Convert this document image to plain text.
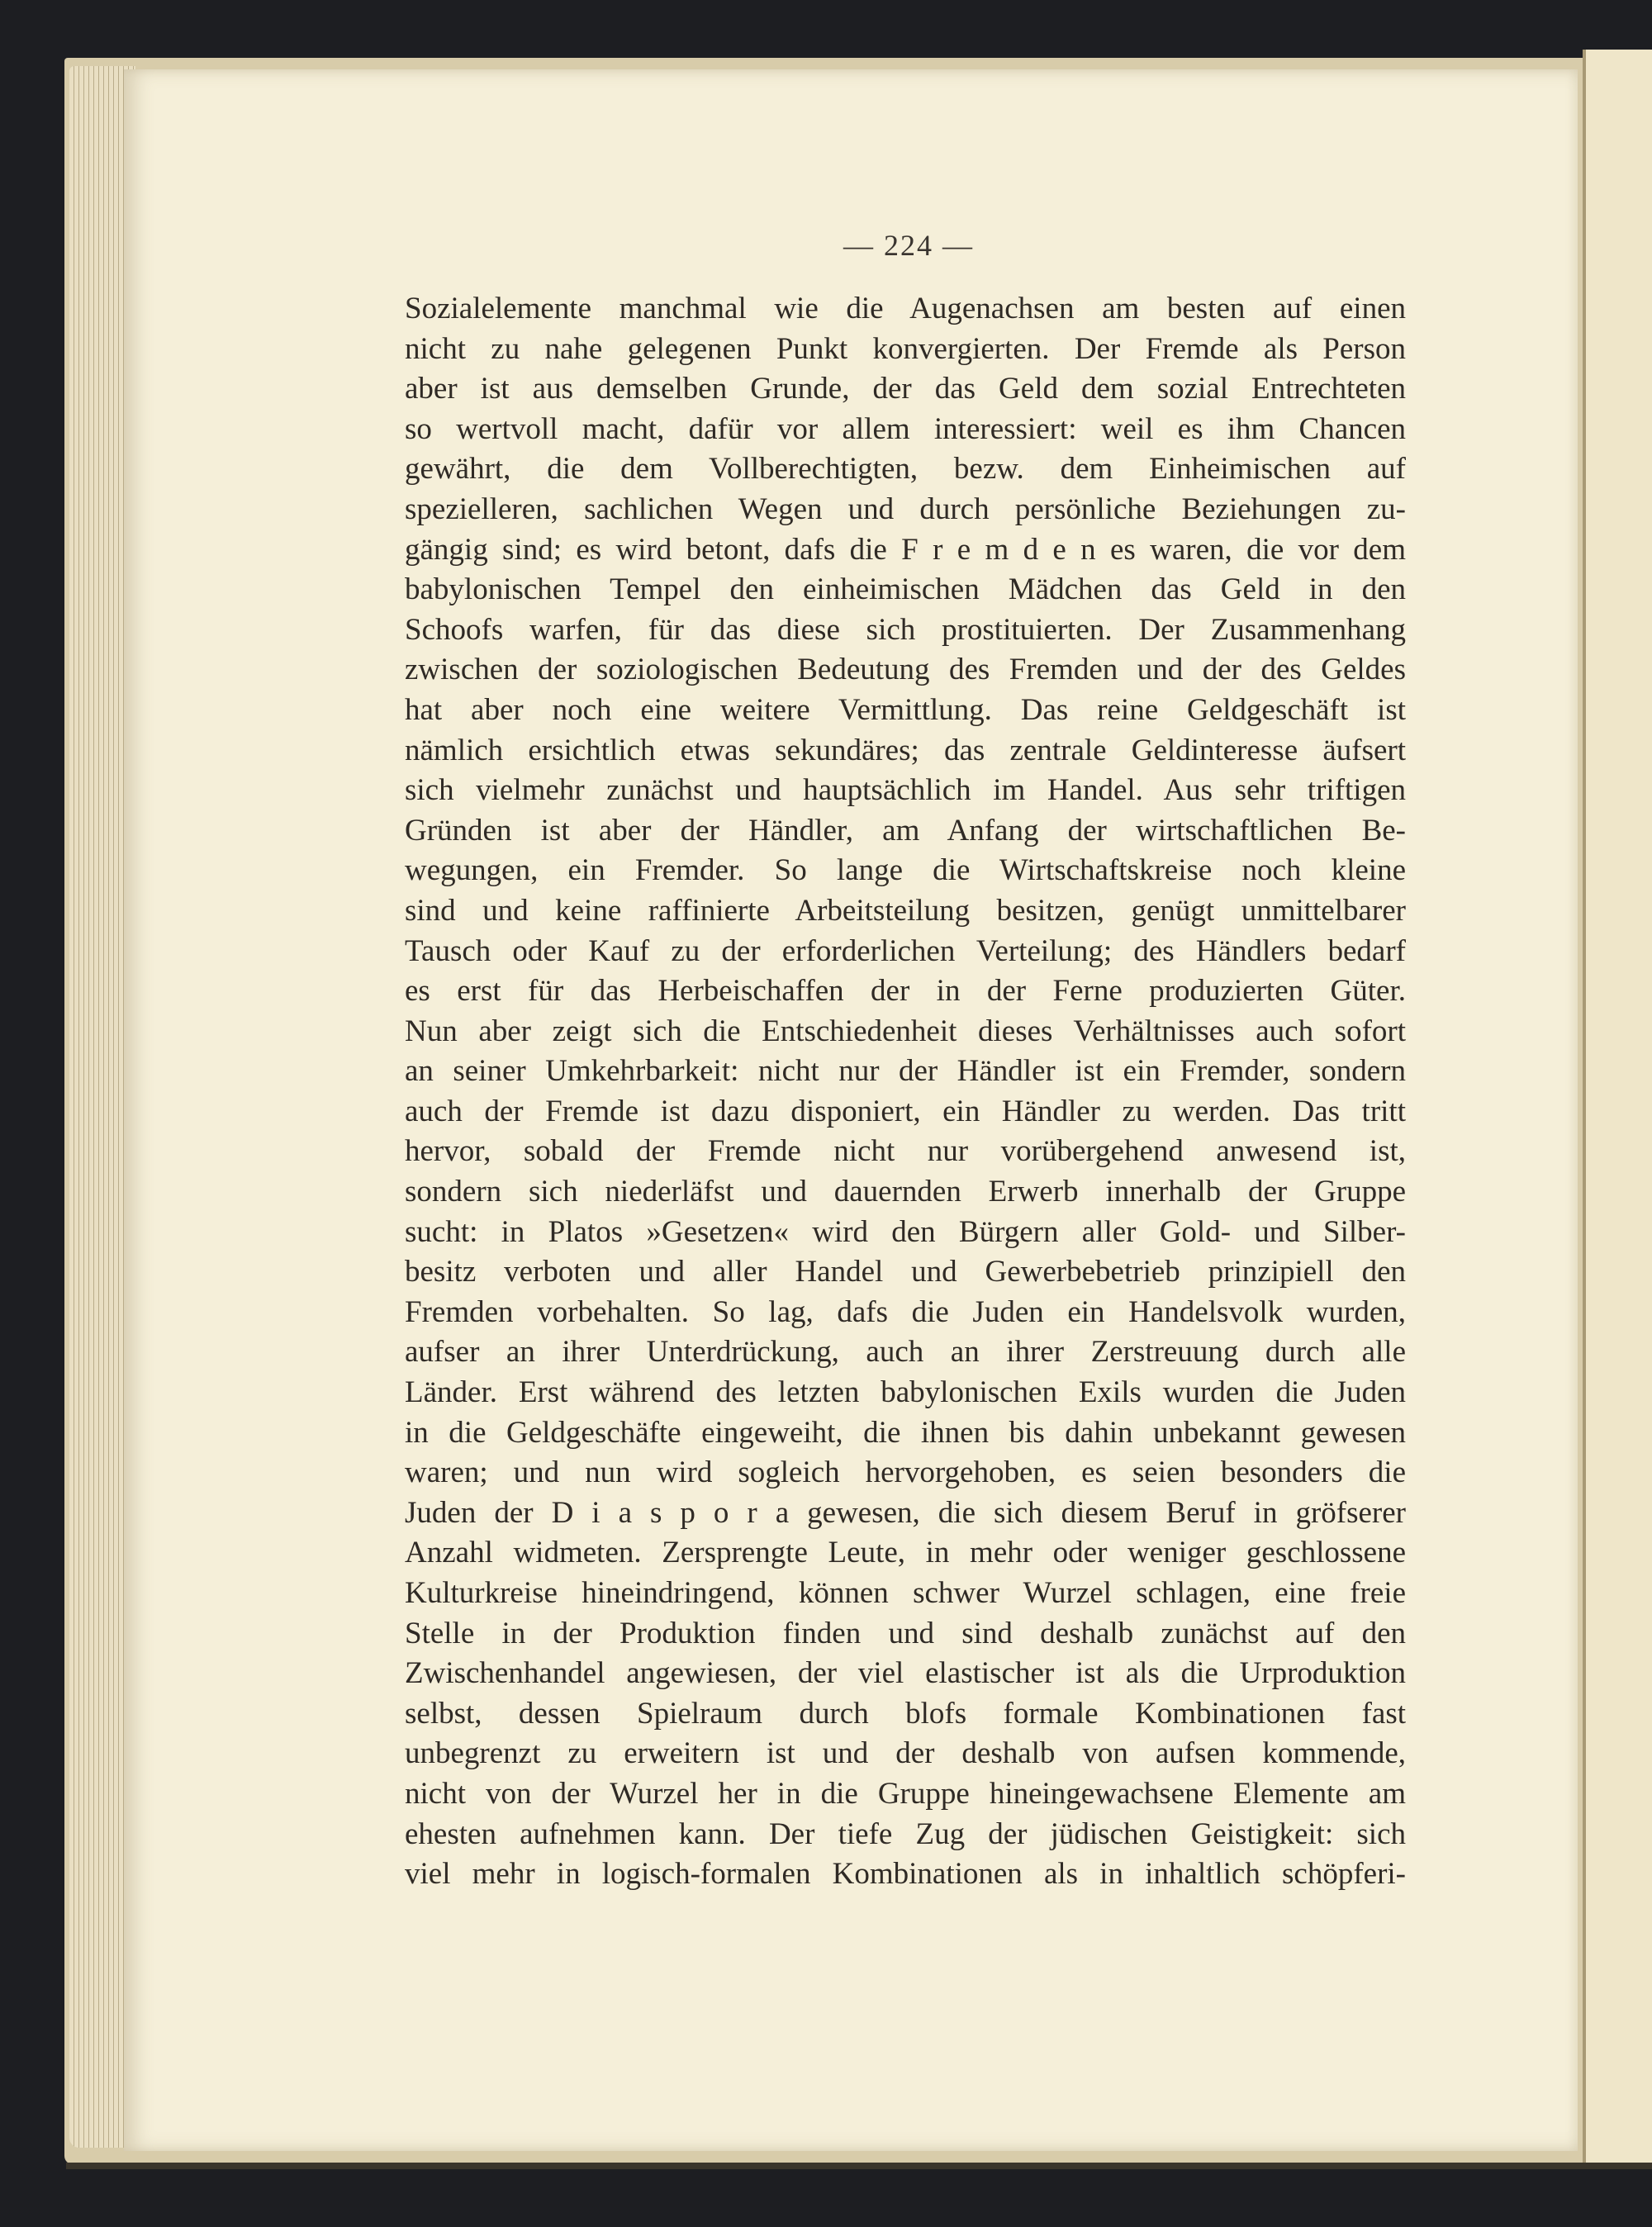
— 224 —
Sozialelemente manchmal wie die Augenachsen am besten auf einen
nicht zu nahe gelegenen Punkt konvergierten. Der Fremde als Person
aber ist aus demselben Grunde, der das Geld dem sozial Entrechteten
so wertvoll macht, dafür vor allem interessiert: weil es ihm Chancen
gewährt, die dem Vollberechtigten, bezw. dem Einheimischen auf
spezielleren, sachlichen Wegen und durch persönliche Beziehungen zu-
gängig sind; es wird betont, dafs die F r e m d e n es waren, die vor dem
babylonischen Tempel den einheimischen Mädchen das Geld in den
Schoofs warfen, für das diese sich prostituierten. Der Zusammenhang
zwischen der soziologischen Bedeutung des Fremden und der des Geldes
hat aber noch eine weitere Vermittlung. Das reine Geldgeschäft ist
nämlich ersichtlich etwas sekundäres; das zentrale Geldinteresse äufsert
sich vielmehr zunächst und hauptsächlich im Handel. Aus sehr triftigen
Gründen ist aber der Händler, am Anfang der wirtschaftlichen Be-
wegungen, ein Fremder. So lange die Wirtschaftskreise noch kleine
sind und keine raffinierte Arbeitsteilung besitzen, genügt unmittelbarer
Tausch oder Kauf zu der erforderlichen Verteilung; des Händlers bedarf
es erst für das Herbeischaffen der in der Ferne produzierten Güter.
Nun aber zeigt sich die Entschiedenheit dieses Verhältnisses auch sofort
an seiner Umkehrbarkeit: nicht nur der Händler ist ein Fremder, sondern
auch der Fremde ist dazu disponiert, ein Händler zu werden. Das tritt
hervor, sobald der Fremde nicht nur vorübergehend anwesend ist,
sondern sich niederläfst und dauernden Erwerb innerhalb der Gruppe
sucht: in Platos »Gesetzen« wird den Bürgern aller Gold- und Silber-
besitz verboten und aller Handel und Gewerbebetrieb prinzipiell den
Fremden vorbehalten. So lag, dafs die Juden ein Handelsvolk wurden,
aufser an ihrer Unterdrückung, auch an ihrer Zerstreuung durch alle
Länder. Erst während des letzten babylonischen Exils wurden die Juden
in die Geldgeschäfte eingeweiht, die ihnen bis dahin unbekannt gewesen
waren; und nun wird sogleich hervorgehoben, es seien besonders die
Juden der D i a s p o r a gewesen, die sich diesem Beruf in gröfserer
Anzahl widmeten. Zersprengte Leute, in mehr oder weniger geschlossene
Kulturkreise hineindringend, können schwer Wurzel schlagen, eine freie
Stelle in der Produktion finden und sind deshalb zunächst auf den
Zwischenhandel angewiesen, der viel elastischer ist als die Urproduktion
selbst, dessen Spielraum durch blofs formale Kombinationen fast
unbegrenzt zu erweitern ist und der deshalb von aufsen kommende,
nicht von der Wurzel her in die Gruppe hineingewachsene Elemente am
ehesten aufnehmen kann. Der tiefe Zug der jüdischen Geistigkeit: sich
viel mehr in logisch-formalen Kombinationen als in inhaltlich schöpferi-
